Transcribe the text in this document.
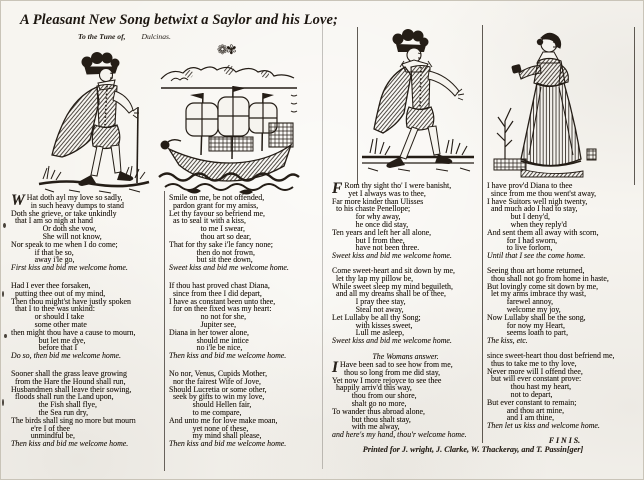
A Pleasant New Song betwixt a Saylor and his Love;
To the Tune of, Dulcinas.
❁✾
W Hat doth ayl my love so sadly,
in such heavy dumps to stand
Doth she grieve, or take unkindly
that I am so nigh at hand
Or doth she vow,
She will not know,
Nor speak to me when I do come;
if that be so,
away i'le go,
First kiss and bid me welcome home.
Had I ever thee forsaken,
putting thee out of my mind,
Then thou might'st have justly spoken
that I to thee was unkind:
or should I take
some other mate
then might thou have a cause to mourn,
but let me dye,
before that I
Do so, then bid me welcome home.
Sooner shall the grass leave growing
from the Hare the Hound shall run,
Husbandmen shall leave their sowing,
floods shall run the Land upon,
the Fish shall flye,
the Sea run dry,
The birds shall sing no more but mourn
e're I of thee
unmindful be,
Then kiss and bid me welcome home.
Smile on me, be not offended,
pardon grant for my amiss,
Let thy favour so befriend me,
as to seal it with a kiss,
to me I swear,
thou art so dear,
That for thy sake i'le fancy none;
then do not frown,
but sit thee down,
Sweet kiss and bid me welcome home.
If thou hast proved chast Diana,
since from thee I did depart,
I have as constant been unto thee,
for on thee fixed was my heart:
no not for she,
Jupiter see,
Diana in her tower alone,
should me intice
no i'le be nice,
Then kiss and bid me welcome home.
No nor, Venus, Cupids Mother,
nor the fairest Wife of Jove,
Should Lucretia or some other,
seek by gifts to win my love,
should Hellen fair,
to me compare,
And unto me for love make moan,
yet none of these,
my mind shall please,
Then kiss and bid me welcome home.
F Rom thy sight tho' I were banisht,
yet I always was to thee,
Far more kinder than Ulisses
to his chaste Penellope;
for why away,
he once did stay,
Ten years and left her all alone,
but I from thee,
have not been three.
Sweet kiss and bid me welcome home.
Come sweet-heart and sit down by me,
let thy lap my pillow be,
While sweet sleep my mind beguileth,
and all my dreams shall be of thee,
I pray thee stay,
Steal not away,
Let Lullaby be all thy Song;
with kisses sweet,
Lull me asleep,
Sweet kiss and bid me welcome home.
The Womans answer.
I Have been sad to see how from me,
thou so long from me did stay,
Yet now I more rejoyce to see thee
happily arriv'd this way,
thou from our shore,
shalt go no more,
To wander thus abroad alone,
but thou shalt stay,
with me alway,
and here's my hand, thou'r welcome home.
I have prov'd Diana to thee
since from me thou went'st away,
I have Suitors well nigh twenty,
and much ado I had to stay,
but I deny'd,
when they reply'd
And sent them all away with scorn,
for I had sworn,
to live forlorn,
Until that I see the come home.
Seeing thou art home returned,
thou shall not go from home in haste,
But lovingly come sit down by me,
let my arms imbrace thy wast,
farewel annoy,
welcome my joy,
Now Lullaby shall be the song,
for now my Heart,
seems loath to part,
The kiss, etc.
since sweet-heart thou dost befriend me,
thus to take me to thy love,
Never more will I offend thee,
but will ever constant prove:
thou hast my heart,
not to depart,
But ever constant to remain;
and thou art mine,
and I am thine,
Then let us kiss and welcome home.
F I N I S.
Printed for J. wright, J. Clarke, W. Thackeray, and T. Passin[ger]
